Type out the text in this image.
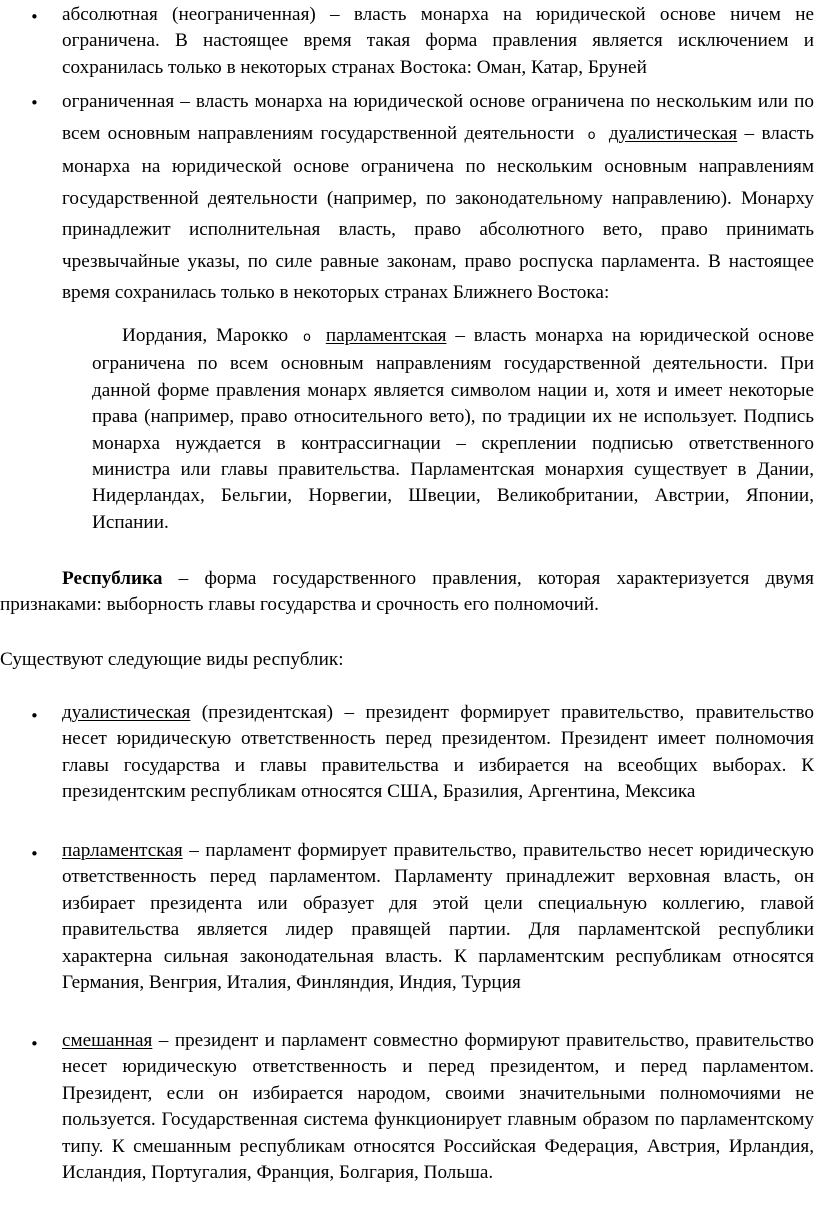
• абсолютная (неограниченная) – власть монарха на юридической основе ничем не ограничена. В настоящее время такая форма правления является исключением и сохранилась только в некоторых странах Востока: Оман, Катар, Бруней
• ограниченная – власть монарха на юридической основе ограничена по нескольким или по всем основным направлениям государственной деятельности o дуалистическая – власть монарха на юридической основе ограничена по нескольким основным направлениям государственной деятельности (например, по законодательному направлению). Монарху принадлежит исполнительная власть, право абсолютного вето, право принимать чрезвычайные указы, по силе равные законам, право роспуска парламента. В настоящее время сохранилась только в некоторых странах Ближнего Востока:
Иордания, Марокко o парламентская – власть монарха на юридической основе ограничена по всем основным направлениям государственной деятельности. При данной форме правления монарх является символом нации и, хотя и имеет некоторые права (например, право относительного вето), по традиции их не использует. Подпись монарха нуждается в контрассигнации – скреплении подписью ответственного министра или главы правительства. Парламентская монархия существует в Дании, Нидерландах, Бельгии, Норвегии, Швеции, Великобритании, Австрии, Японии, Испании.
Республика – форма государственного правления, которая характеризуется двумя признаками: выборность главы государства и срочность его полномочий.
Существуют следующие виды республик:
• дуалистическая (президентская) – президент формирует правительство, правительство несет юридическую ответственность перед президентом. Президент имеет полномочия главы государства и главы правительства и избирается на всеобщих выборах. К президентским республикам относятся США, Бразилия, Аргентина, Мексика
• парламентская – парламент формирует правительство, правительство несет юридическую ответственность перед парламентом. Парламенту принадлежит верховная власть, он избирает президента или образует для этой цели специальную коллегию, главой правительства является лидер правящей партии. Для парламентской республики характерна сильная законодательная власть. К парламентским республикам относятся Германия, Венгрия, Италия, Финляндия, Индия, Турция
• смешанная – президент и парламент совместно формируют правительство, правительство несет юридическую ответственность и перед президентом, и перед парламентом. Президент, если он избирается народом, своими значительными полномочиями не пользуется. Государственная система функционирует главным образом по парламентскому типу. К смешанным республикам относятся Российская Федерация, Австрия, Ирландия, Исландия, Португалия, Франция, Болгария, Польша.
